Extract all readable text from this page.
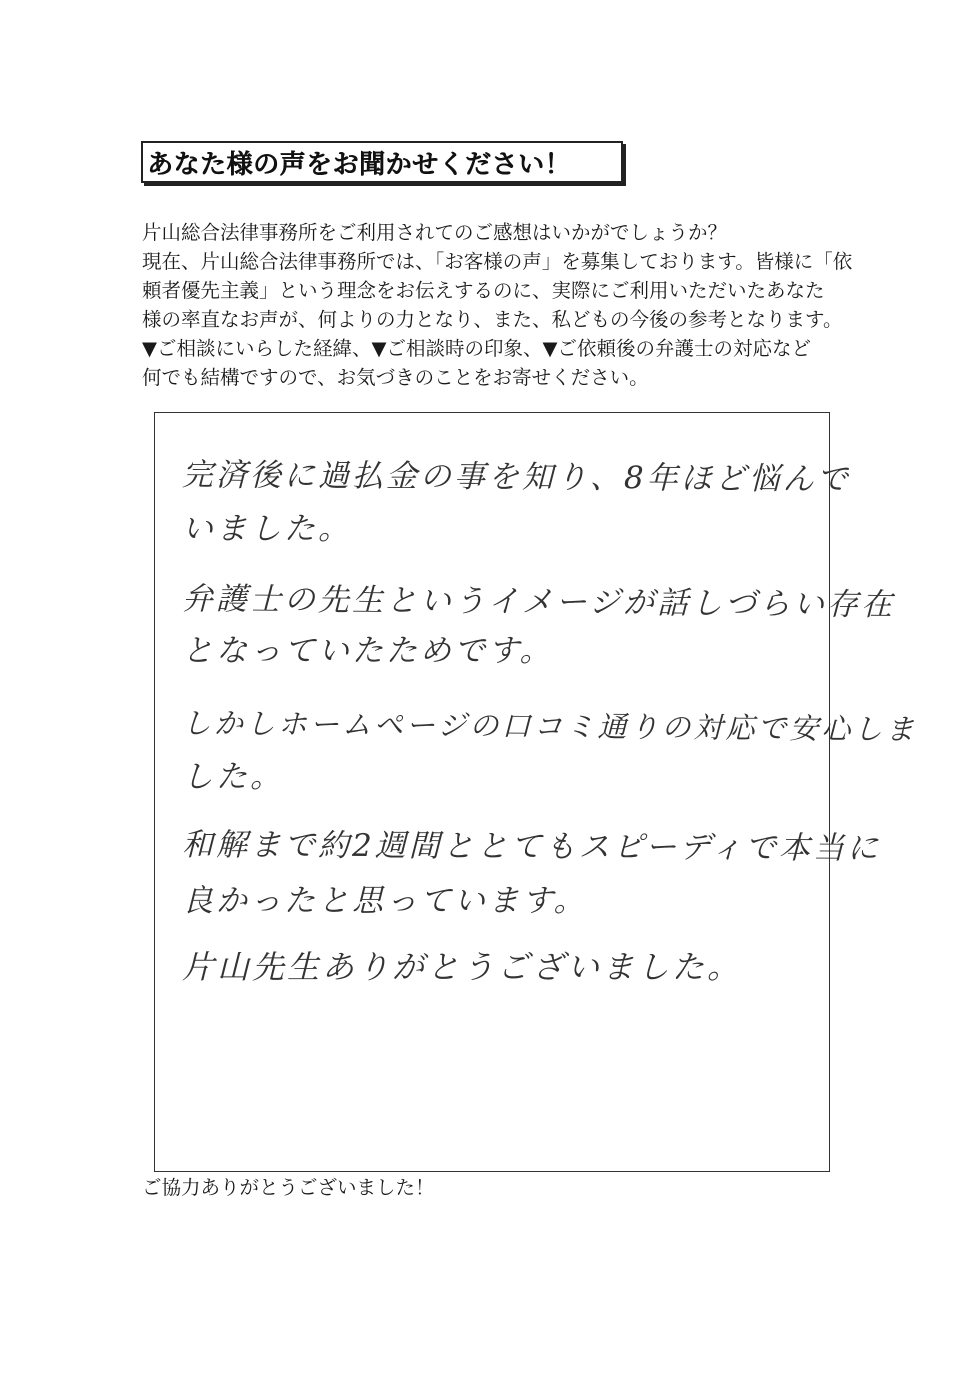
あなた様の声をお聞かせください！
片山総合法律事務所をご利用されてのご感想はいかがでしょうか？
現在、片山総合法律事務所では、「お客様の声」を募集しております。皆様に「依
頼者優先主義」という理念をお伝えするのに、実際にご利用いただいたあなた
様の率直なお声が、何よりの力となり、また、私どもの今後の参考となります。
▼ご相談にいらした経緯、▼ご相談時の印象、▼ご依頼後の弁護士の対応など
何でも結構ですので、お気づきのことをお寄せください。
完済後に過払金の事を知り、8年ほど悩んで
いました。
弁護士の先生というイメージが話しづらい存在
となっていたためです。
しかしホームページの口コミ通りの対応で安心しま
した。
和解まで約2週間ととてもスピーディで本当に
良かったと思っています。
片山先生ありがとうございました。
ご協力ありがとうございました！
